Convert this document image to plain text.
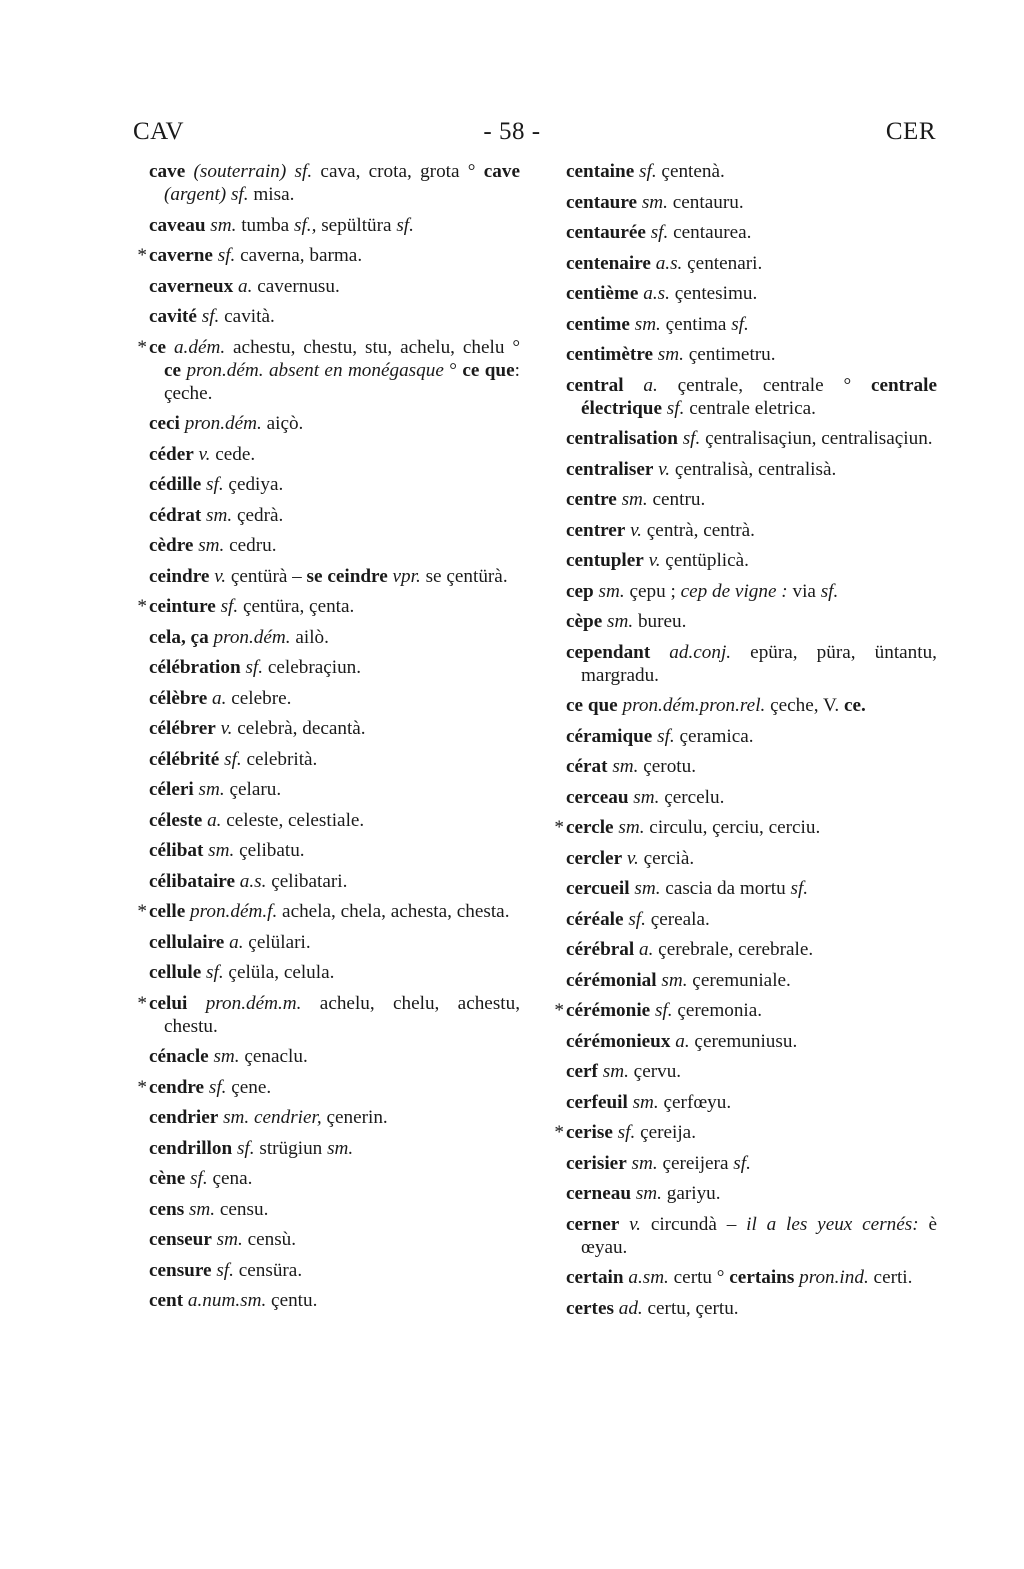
CAV	- 58 -	CER
cave (souterrain) sf. cava, crota, grota ° cave (argent) sf. misa.
caveau sm. tumba sf., sepültüra sf.
* caverne sf. caverna, barma.
caverneux a. cavernusu.
cavité sf. cavità.
* ce a.dém. achestu, chestu, stu, achelu, chelu ° ce pron.dém. absent en monégasque ° ce que: çeche.
ceci pron.dém. aiçò.
céder v. cede.
cédille sf. çediya.
cédrat sm. çedrà.
cèdre sm. cedru.
ceindre v. çentürà – se ceindre vpr. se çentürà.
* ceinture sf. çentüra, çenta.
cela, ça pron.dém. ailò.
célébration sf. celebraçiun.
célèbre a. celebre.
célébrer v. celebrà, decantà.
célébrité sf. celebrità.
céleri sm. çelaru.
céleste a. celeste, celestiale.
célibat sm. çelibatu.
célibataire a.s. çelibatari.
* celle pron.dém.f. achela, chela, achesta, chesta.
cellulaire a. çelülari.
cellule sf. çelüla, celula.
* celui pron.dém.m. achelu, chelu, achestu, chestu.
cénacle sm. çenaclu.
* cendre sf. çene.
cendrier sm. cendrier, çenerin.
cendrillon sf. strügiun sm.
cène sf. çena.
cens sm. censu.
censeur sm. censù.
censure sf. censüra.
cent a.num.sm. çentu.
centaine sf. çentenà.
centaure sm. centauru.
centaurée sf. centaurea.
centenaire a.s. çentenari.
centième a.s. çentesimu.
centime sm. çentima sf.
centimètre sm. çentimetru.
central a. çentrale, centrale ° centrale électrique sf. centrale eletrica.
centralisation sf. çentralisaçiun, centralisaçiun.
centraliser v. çentralisà, centralisà.
centre sm. centru.
centrer v. çentrà, centrà.
centupler v. çentüplicà.
cep sm. çepu ; cep de vigne : via sf.
cèpe sm. bureu.
cependant ad.conj. epüra, püra, üntantu, margradu.
ce que pron.dém.pron.rel. çeche, V. ce.
céramique sf. çeramica.
cérat sm. çerotu.
cerceau sm. çercelu.
* cercle sm. circulu, çerciu, cerciu.
cercler v. çercià.
cercueil sm. cascia da mortu sf.
céréale sf. çereala.
cérébral a. çerebrale, cerebrale.
cérémonial sm. çeremuniale.
* cérémonie sf. çeremonia.
cérémonieux a. çeremuniusu.
cerf sm. çervu.
cerfeuil sm. çerfœyu.
* cerise sf. çereija.
cerisier sm. çereijera sf.
cerneau sm. gariyu.
cerner v. circundà – il a les yeux cernés: è œyau.
certain a.sm. certu ° certains pron.ind. certi.
certes ad. certu, çertu.
